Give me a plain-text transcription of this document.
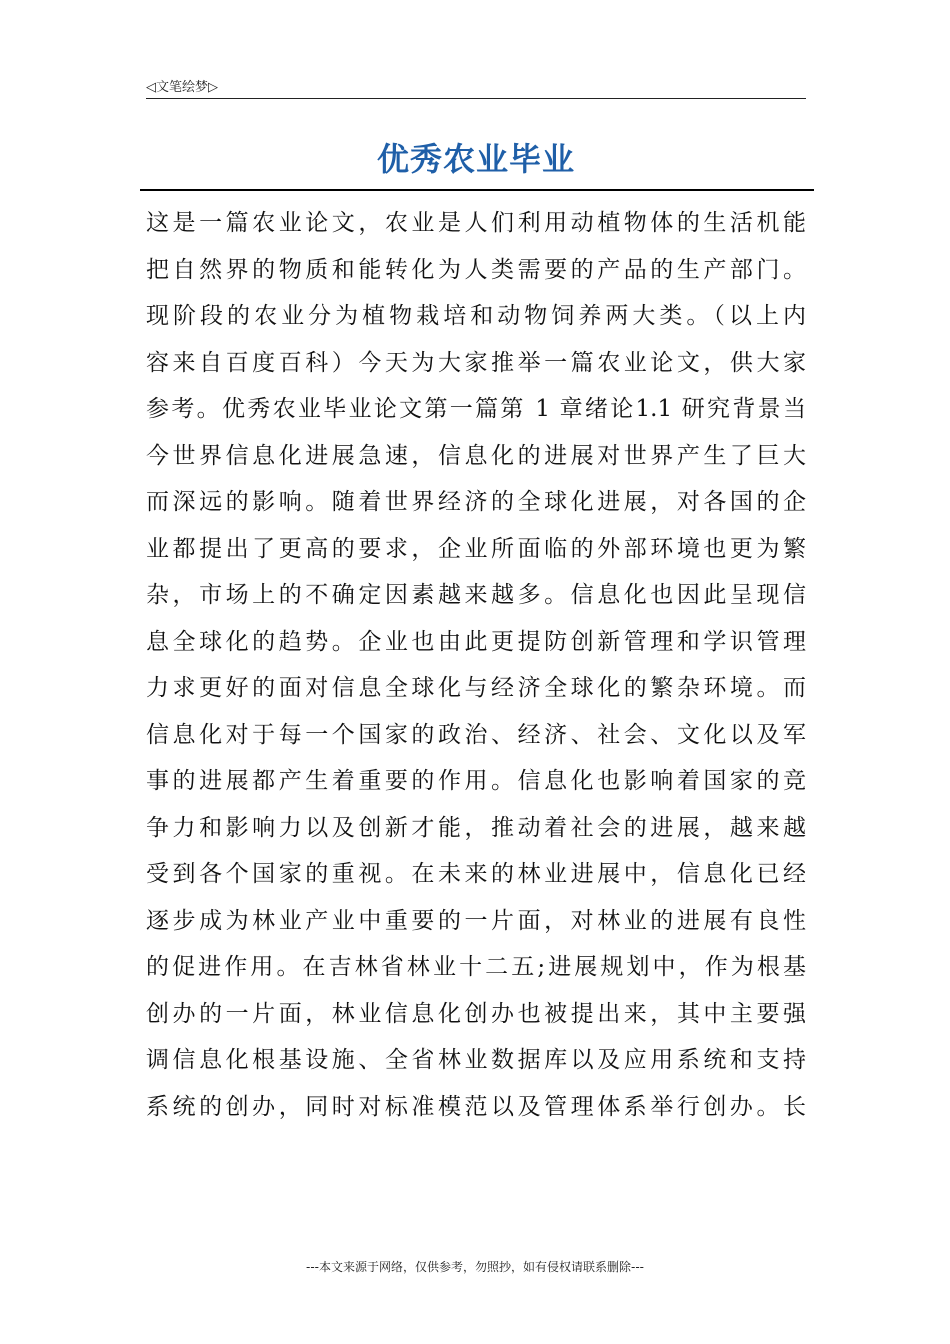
◁文笔绘梦▷
优秀农业毕业
这是一篇农业论文，农业是人们利用动植物体的生活机能
把自然界的物质和能转化为人类需要的产品的生产部门。
现阶段的农业分为植物栽培和动物饲养两大类。（以上内
容来自百度百科）今天为大家推举一篇农业论文，供大家
参考。优秀农业毕业论文第一篇第 1 章绪论1.1 研究背景当
今世界信息化进展急速，信息化的进展对世界产生了巨大
而深远的影响。随着世界经济的全球化进展，对各国的企
业都提出了更高的要求，企业所面临的外部环境也更为繁
杂，市场上的不确定因素越来越多。信息化也因此呈现信
息全球化的趋势。企业也由此更提防创新管理和学识管理
力求更好的面对信息全球化与经济全球化的繁杂环境。而
信息化对于每一个国家的政治、经济、社会、文化以及军
事的进展都产生着重要的作用。信息化也影响着国家的竞
争力和影响力以及创新才能，推动着社会的进展，越来越
受到各个国家的重视。在未来的林业进展中，信息化已经
逐步成为林业产业中重要的一片面，对林业的进展有良性
的促进作用。在吉林省林业十二五;进展规划中，作为根基
创办的一片面，林业信息化创办也被提出来，其中主要强
调信息化根基设施、全省林业数据库以及应用系统和支持
系统的创办，同时对标准模范以及管理体系举行创办。长
---本文来源于网络，仅供参考，勿照抄，如有侵权请联系删除---
